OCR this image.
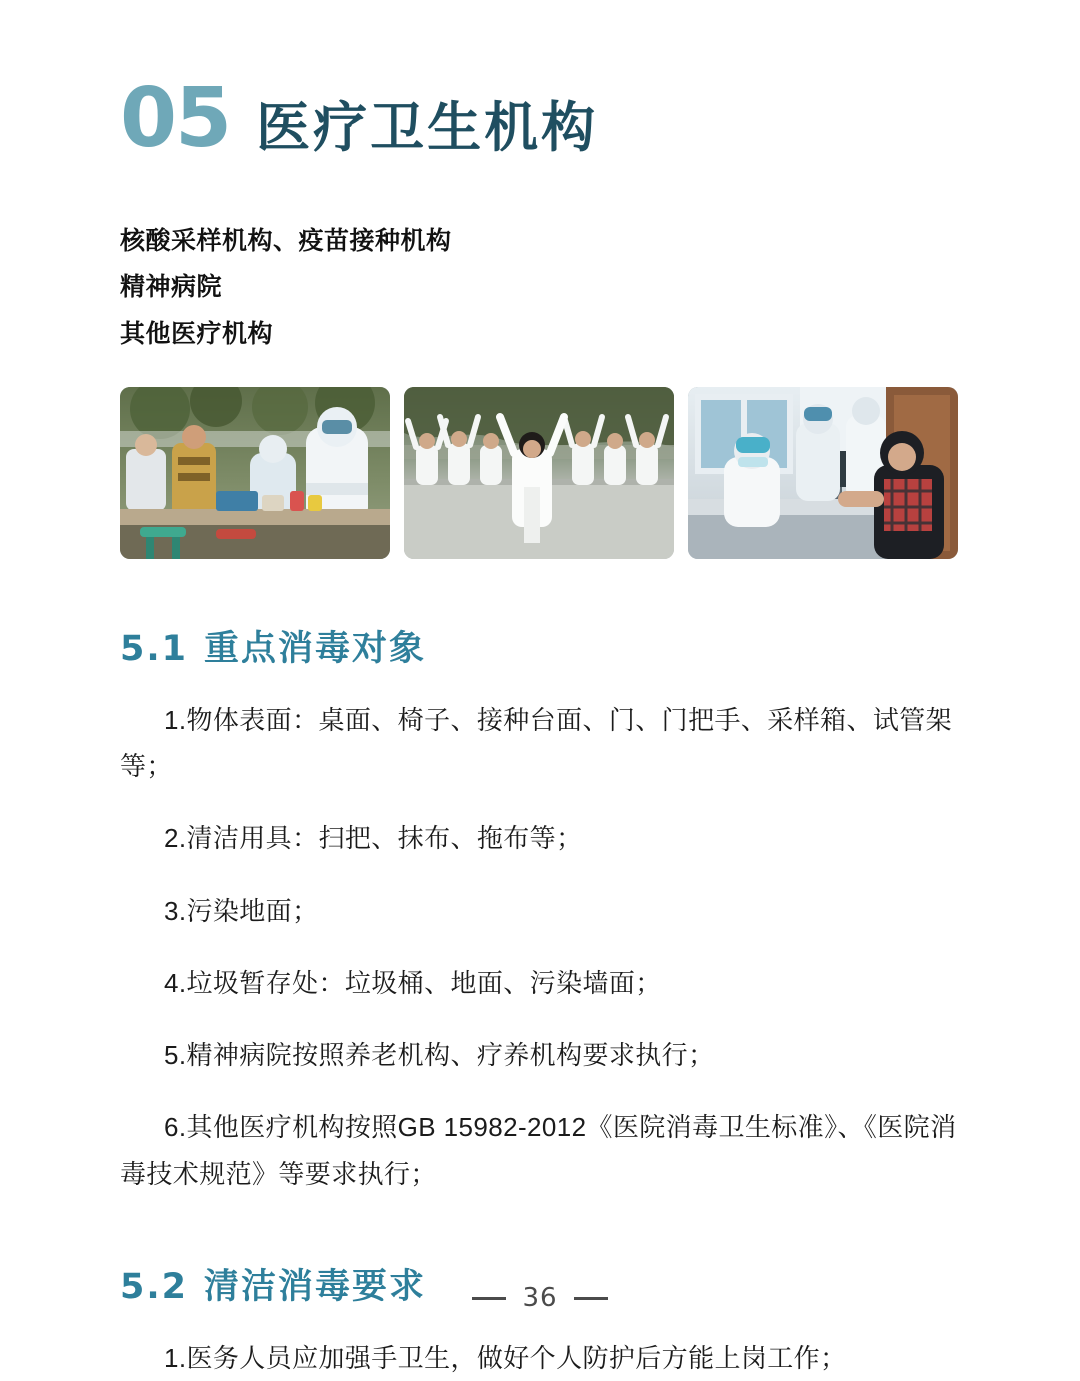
05 医疗卫生机构
核酸采样机构、疫苗接种机构
精神病院
其他医疗机构
5.1 重点消毒对象

1.物体表面：桌面、椅子、接种台面、门、门把手、采样箱、试管架等；

2.清洁用具：扫把、抹布、拖布等；

3.污染地面；

4.垃圾暂存处：垃圾桶、地面、污染墙面；

5.精神病院按照养老机构、疗养机构要求执行；

6.其他医疗机构按照GB 15982-2012《医院消毒卫生标准》、《医院消毒技术规范》等要求执行；

5.2 清洁消毒要求

1.医务人员应加强手卫生，做好个人防护后方能上岗工作；

36
